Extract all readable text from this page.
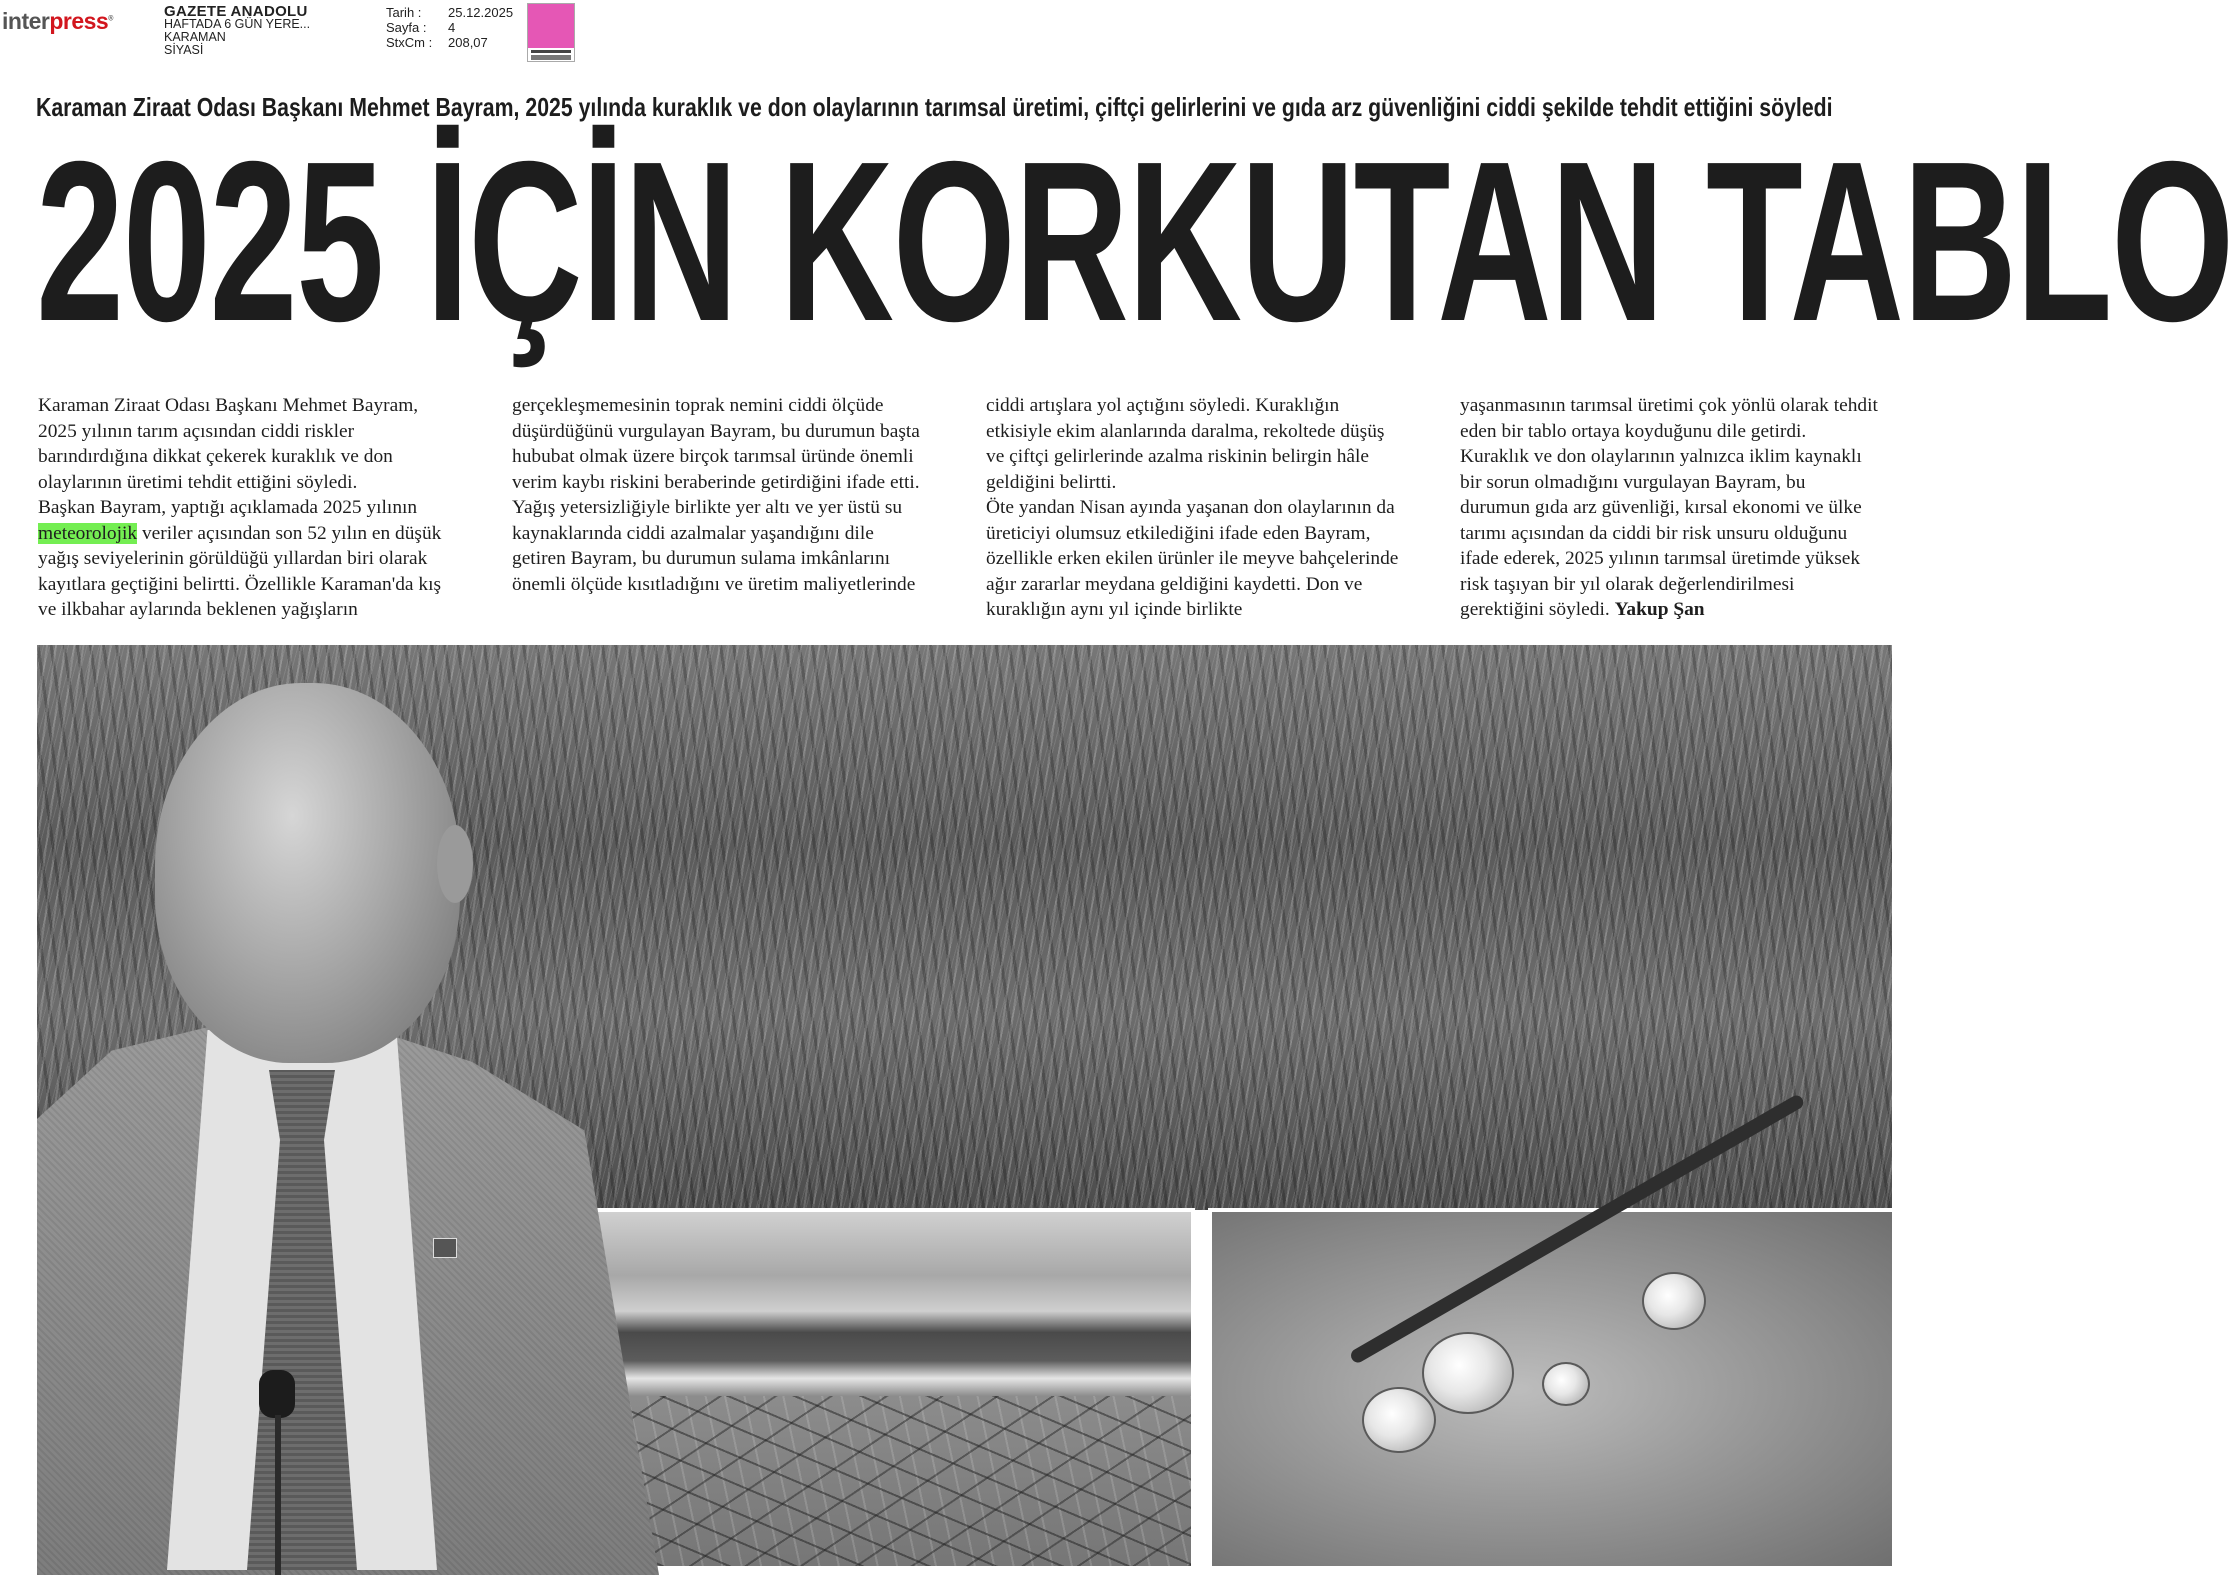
interpress®	GAZETE ANADOLU
HAFTADA 6 GÜN YERE...
KARAMAN
SİYASİ
Tarih :	25.12.2025
Sayfa :	4
StxCm :	208,07
Karaman Ziraat Odası Başkanı Mehmet Bayram, 2025 yılında kuraklık ve don olaylarının tarımsal üretimi, çiftçi gelirlerini ve gıda arz güvenliğini ciddi şekilde tehdit ettiğini söyledi
2025 İÇİN KORKUTAN TABLO

Karaman Ziraat Odası Başkanı Mehmet Bayram, 2025 yılının tarım açısından ciddi riskler barındırdığına dikkat çekerek kuraklık ve don olaylarının üretimi tehdit ettiğini söyledi.

Başkan Bayram, yaptığı açıklamada 2025 yılının meteorolojik veriler açısından son 52 yılın en düşük yağış seviyelerinin görüldüğü yıllardan biri olarak kayıtlara geçtiğini belirtti. Özellikle Karaman'da kış ve ilkbahar aylarında beklenen yağışların

gerçekleşmemesinin toprak nemini ciddi ölçüde düşürdüğünü vurgulayan Bayram, bu durumun başta hububat olmak üzere birçok tarımsal üründe önemli verim kaybı riskini beraberinde getirdiğini ifade etti.

Yağış yetersizliğiyle birlikte yer altı ve yer üstü su kaynaklarında ciddi azalmalar yaşandığını dile getiren Bayram, bu durumun sulama imkânlarını önemli ölçüde kısıtladığını ve üretim maliyetlerinde

ciddi artışlara yol açtığını söyledi. Kuraklığın etkisiyle ekim alanlarında daralma, rekoltede düşüş ve çiftçi gelirlerinde azalma riskinin belirgin hâle geldiğini belirtti.

Öte yandan Nisan ayında yaşanan don olaylarının da üreticiyi olumsuz etkilediğini ifade eden Bayram, özellikle erken ekilen ürünler ile meyve bahçelerinde ağır zararlar meydana geldiğini kaydetti. Don ve kuraklığın aynı yıl içinde birlikte

yaşanmasının tarımsal üretimi çok yönlü olarak tehdit eden bir tablo ortaya koyduğunu dile getirdi.

Kuraklık ve don olaylarının yalnızca iklim kaynaklı bir sorun olmadığını vurgulayan Bayram, bu durumun gıda arz güvenliği, kırsal ekonomi ve ülke tarımı açısından da ciddi bir risk unsuru olduğunu ifade ederek, 2025 yılının tarımsal üretimde yüksek risk taşıyan bir yıl olarak değerlendirilmesi gerektiğini söyledi. Yakup Şan
